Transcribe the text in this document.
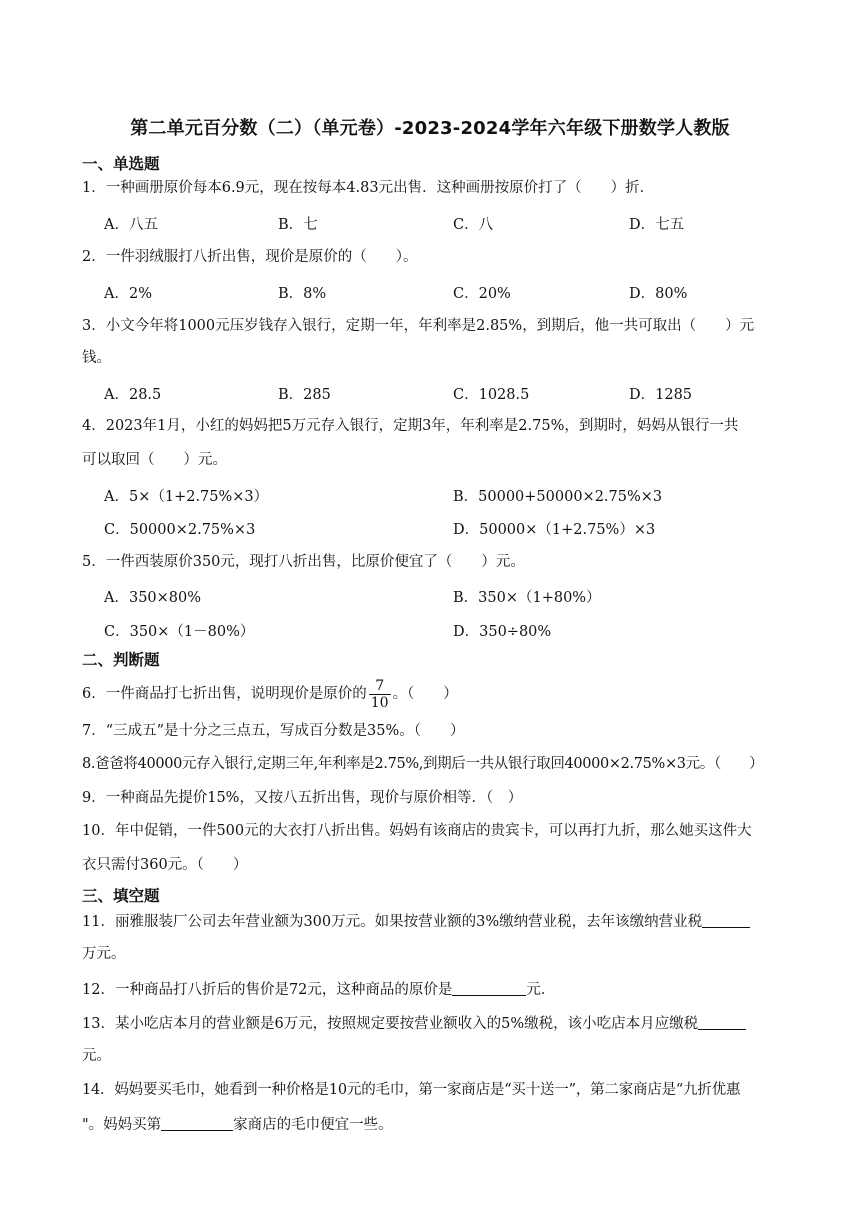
第二单元百分数（二）（单元卷）-2023-2024学年六年级下册数学人教版
一、单选题
1．一种画册原价每本6.9元，现在按每本4.83元出售．这种画册按原价打了（　　）折．
A．八五	B．七	C．八	D．七五
2．一件羽绒服打八折出售，现价是原价的（　　）。
A．2%	B．8%	C．20%	D．80%
3．小文今年将1000元压岁钱存入银行，定期一年，年利率是2.85%，到期后，他一共可取出（　　）元
钱。
A．28.5	B．285	C．1028.5	D．1285
4．2023年1月，小红的妈妈把5万元存入银行，定期3年，年利率是2.75%，到期时，妈妈从银行一共
可以取回（　　）元。
A．5×（1+2.75%×3）	B．50000+50000×2.75%×3
C．50000×2.75%×3	D．50000×（1+2.75%）×3
5．一件西装原价350元，现打八折出售，比原价便宜了（　　）元。
A．350×80%	B．350×（1+80%）
C．350×（1－80%）	D．350÷80%
二、判断题
6．一件商品打七折出售，说明现价是原价的 $\frac{7}{10}$ 。（　　）
7．“三成五”是十分之三点五，写成百分数是35%。（　　）
8.爸爸将40000元存入银行,定期三年,年利率是2.75%,到期后一共从银行取回40000×2.75%×3元。（　　）
9．一种商品先提价15%，又按八五折出售，现价与原价相等．（　）
10．年中促销，一件500元的大衣打八折出售。妈妈有该商店的贵宾卡，可以再打九折，那么她买这件大
衣只需付360元。（　　）
三、填空题
11．丽雅服装厂公司去年营业额为300万元。如果按营业额的3%缴纳营业税，去年该缴纳营业税
万元。
12．一种商品打八折后的售价是72元，这种商品的原价是	元．
13．某小吃店本月的营业额是6万元，按照规定要按营业额收入的5%缴税，该小吃店本月应缴税
元。
14．妈妈要买毛巾，她看到一种价格是10元的毛巾，第一家商店是“买十送一”，第二家商店是“九折优惠
"。妈妈买第	家商店的毛巾便宜一些。
